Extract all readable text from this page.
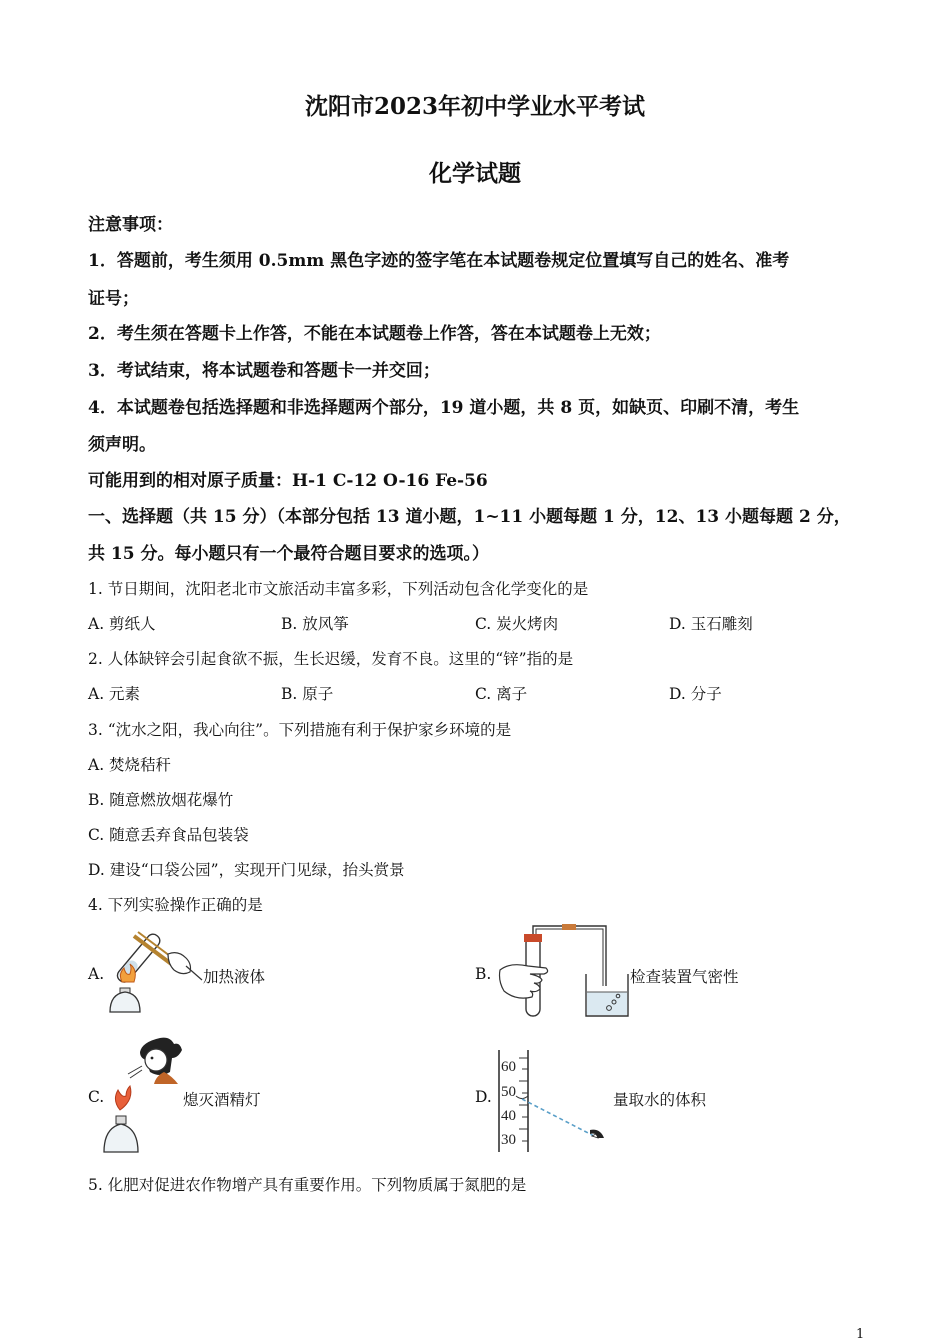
沈阳市2023年初中学业水平考试
化学试题
注意事项：
1．答题前，考生须用 0.5mm 黑色字迹的签字笔在本试题卷规定位置填写自己的姓名、准考
证号；
2．考生须在答题卡上作答，不能在本试题卷上作答，答在本试题卷上无效；
3．考试结束，将本试题卷和答题卡一并交回；
4．本试题卷包括选择题和非选择题两个部分，19 道小题，共 8 页，如缺页、印刷不清，考生
须声明。
可能用到的相对原子质量：H-1 C-12 O-16 Fe-56
一、选择题（共 15 分）（本部分包括 13 道小题，1~11 小题每题 1 分，12、13 小题每题 2 分，
共 15 分。每小题只有一个最符合题目要求的选项。）
1. 节日期间，沈阳老北市文旅活动丰富多彩，下列活动包含化学变化的是
A. 剪纸人	B. 放风筝	C. 炭火烤肉	D. 玉石雕刻
2. 人体缺锌会引起食欲不振，生长迟缓，发育不良。这里的“锌”指的是
A. 元素	B. 原子	C. 离子	D. 分子
3. “沈水之阳，我心向往”。下列措施有利于保护家乡环境的是
A. 焚烧秸秆
B. 随意燃放烟花爆竹
C. 随意丢弃食品包装袋
D. 建设“口袋公园”，实现开门见绿，抬头赏景
4. 下列实验操作正确的是
A.	加热液体	B.	检查装置气密性
C.	熄灭酒精灯	D.
60
50
40
30
量取水的体积
5. 化肥对促进农作物增产具有重要作用。下列物质属于氮肥的是
1
